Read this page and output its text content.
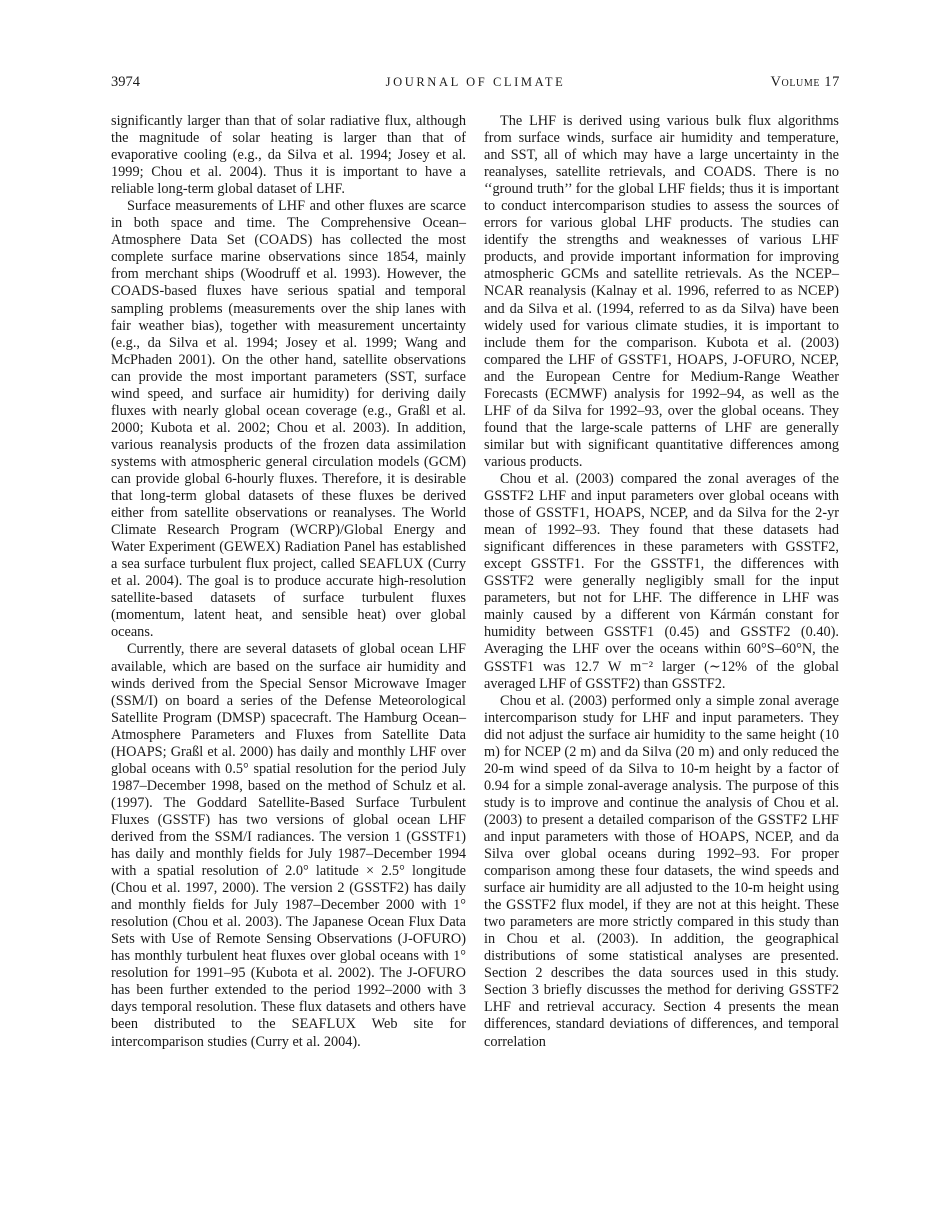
3974	JOURNAL OF CLIMATE	Volume 17

significantly larger than that of solar radiative flux, although the magnitude of solar heating is larger than that of evaporative cooling (e.g., da Silva et al. 1994; Josey et al. 1999; Chou et al. 2004). Thus it is important to have a reliable long-term global dataset of LHF.

Surface measurements of LHF and other fluxes are scarce in both space and time. The Comprehensive Ocean–Atmosphere Data Set (COADS) has collected the most complete surface marine observations since 1854, mainly from merchant ships (Woodruff et al. 1993). However, the COADS-based fluxes have serious spatial and temporal sampling problems (measurements over the ship lanes with fair weather bias), together with measurement uncertainty (e.g., da Silva et al. 1994; Josey et al. 1999; Wang and McPhaden 2001). On the other hand, satellite observations can provide the most important parameters (SST, surface wind speed, and surface air humidity) for deriving daily fluxes with nearly global ocean coverage (e.g., Graßl et al. 2000; Kubota et al. 2002; Chou et al. 2003). In addition, various reanalysis products of the frozen data assimilation systems with atmospheric general circulation models (GCM) can provide global 6-hourly fluxes. Therefore, it is desirable that long-term global datasets of these fluxes be derived either from satellite observations or reanalyses. The World Climate Research Program (WCRP)/Global Energy and Water Experiment (GEWEX) Radiation Panel has established a sea surface turbulent flux project, called SEAFLUX (Curry et al. 2004). The goal is to produce accurate high-resolution satellite-based datasets of surface turbulent fluxes (momentum, latent heat, and sensible heat) over global oceans.

Currently, there are several datasets of global ocean LHF available, which are based on the surface air humidity and winds derived from the Special Sensor Microwave Imager (SSM/I) on board a series of the Defense Meteorological Satellite Program (DMSP) spacecraft. The Hamburg Ocean–Atmosphere Parameters and Fluxes from Satellite Data (HOAPS; Graßl et al. 2000) has daily and monthly LHF over global oceans with 0.5° spatial resolution for the period July 1987–December 1998, based on the method of Schulz et al. (1997). The Goddard Satellite-Based Surface Turbulent Fluxes (GSSTF) has two versions of global ocean LHF derived from the SSM/I radiances. The version 1 (GSSTF1) has daily and monthly fields for July 1987–December 1994 with a spatial resolution of 2.0° latitude × 2.5° longitude (Chou et al. 1997, 2000). The version 2 (GSSTF2) has daily and monthly fields for July 1987–December 2000 with 1° resolution (Chou et al. 2003). The Japanese Ocean Flux Data Sets with Use of Remote Sensing Observations (J-OFURO) has monthly turbulent heat fluxes over global oceans with 1° resolution for 1991–95 (Kubota et al. 2002). The J-OFURO has been further extended to the period 1992–2000 with 3 days temporal resolution. These flux datasets and others have been distributed to the SEAFLUX Web site for intercomparison studies (Curry et al. 2004).

The LHF is derived using various bulk flux algorithms from surface winds, surface air humidity and temperature, and SST, all of which may have a large uncertainty in the reanalyses, satellite retrievals, and COADS. There is no ‘‘ground truth’’ for the global LHF fields; thus it is important to conduct intercomparison studies to assess the sources of errors for various global LHF products. The studies can identify the strengths and weaknesses of various LHF products, and provide important information for improving atmospheric GCMs and satellite retrievals. As the NCEP–NCAR reanalysis (Kalnay et al. 1996, referred to as NCEP) and da Silva et al. (1994, referred to as da Silva) have been widely used for various climate studies, it is important to include them for the comparison. Kubota et al. (2003) compared the LHF of GSSTF1, HOAPS, J-OFURO, NCEP, and the European Centre for Medium-Range Weather Forecasts (ECMWF) analysis for 1992–94, as well as the LHF of da Silva for 1992–93, over the global oceans. They found that the large-scale patterns of LHF are generally similar but with significant quantitative differences among various products.

Chou et al. (2003) compared the zonal averages of the GSSTF2 LHF and input parameters over global oceans with those of GSSTF1, HOAPS, NCEP, and da Silva for the 2-yr mean of 1992–93. They found that these datasets had significant differences in these parameters with GSSTF2, except GSSTF1. For the GSSTF1, the differences with GSSTF2 were generally negligibly small for the input parameters, but not for LHF. The difference in LHF was mainly caused by a different von Kármán constant for humidity between GSSTF1 (0.45) and GSSTF2 (0.40). Averaging the LHF over the oceans within 60°S–60°N, the GSSTF1 was 12.7 W m⁻² larger (∼12% of the global averaged LHF of GSSTF2) than GSSTF2.

Chou et al. (2003) performed only a simple zonal average intercomparison study for LHF and input parameters. They did not adjust the surface air humidity to the same height (10 m) for NCEP (2 m) and da Silva (20 m) and only reduced the 20-m wind speed of da Silva to 10-m height by a factor of 0.94 for a simple zonal-average analysis. The purpose of this study is to improve and continue the analysis of Chou et al. (2003) to present a detailed comparison of the GSSTF2 LHF and input parameters with those of HOAPS, NCEP, and da Silva over global oceans during 1992–93. For proper comparison among these four datasets, the wind speeds and surface air humidity are all adjusted to the 10-m height using the GSSTF2 flux model, if they are not at this height. These two parameters are more strictly compared in this study than in Chou et al. (2003). In addition, the geographical distributions of some statistical analyses are presented. Section 2 describes the data sources used in this study. Section 3 briefly discusses the method for deriving GSSTF2 LHF and retrieval accuracy. Section 4 presents the mean differences, standard deviations of differences, and temporal correlation
